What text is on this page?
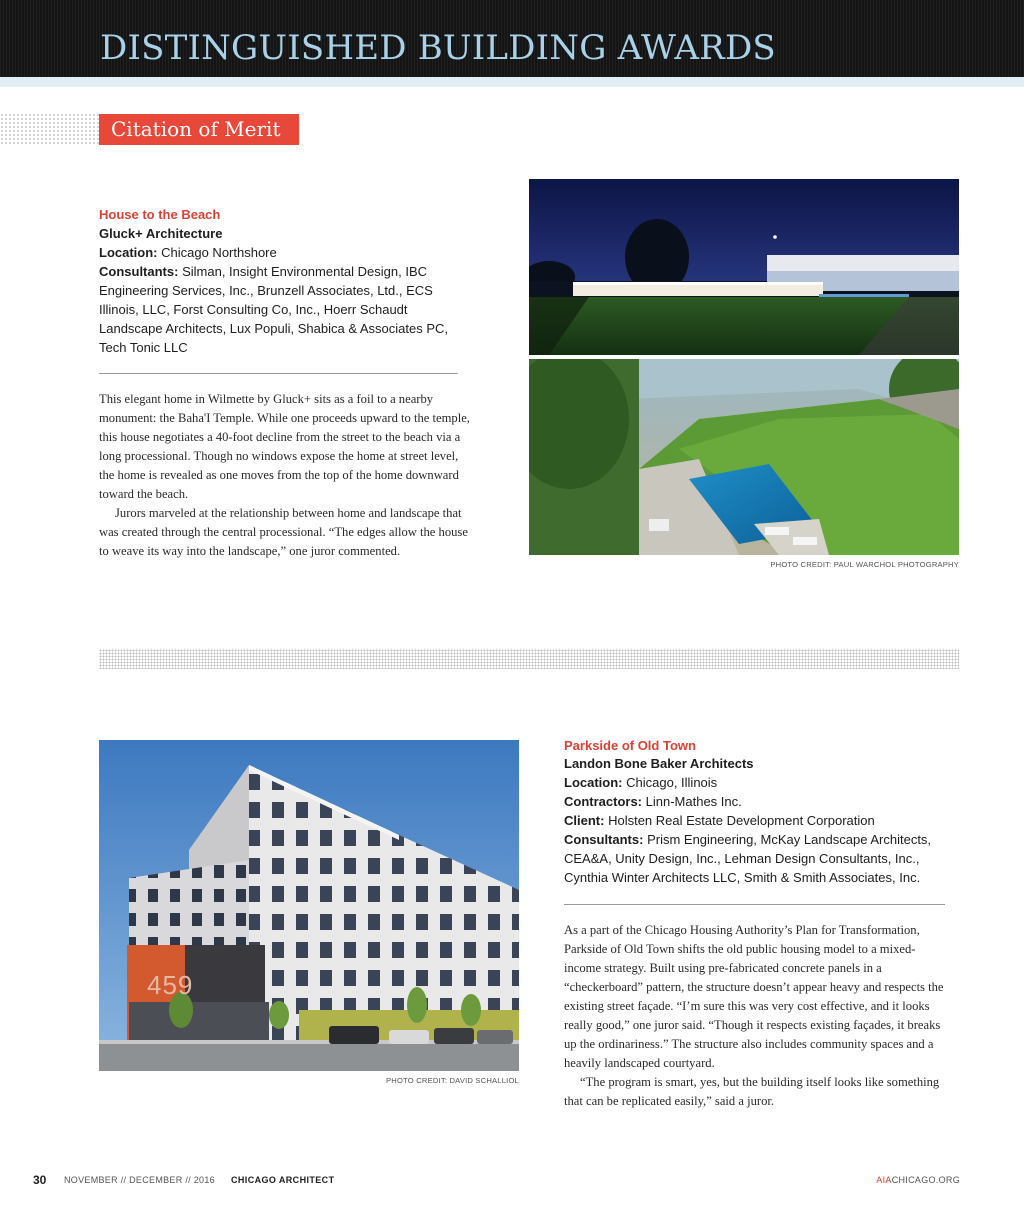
DISTINGUISHED BUILDING AWARDS
Citation of Merit
House to the Beach
Gluck+ Architecture
Location: Chicago Northshore
Consultants: Silman, Insight Environmental Design, IBC Engineering Services, Inc., Brunzell Associates, Ltd., ECS Illinois, LLC, Forst Consulting Co, Inc., Hoerr Schaudt Landscape Architects, Lux Populi, Shabica & Associates PC, Tech Tonic LLC

This elegant home in Wilmette by Gluck+ sits as a foil to a nearby monument: the Baha'I Temple. While one proceeds upward to the temple, this house negotiates a 40-foot decline from the street to the beach via a long processional. Though no windows expose the home at street level, the home is revealed as one moves from the top of the home downward toward the beach.

Jurors marveled at the relationship between home and landscape that was created through the central processional. “The edges allow the house to weave its way into the landscape,” one juror commented.

PHOTO CREDIT: PAUL WARCHOL PHOTOGRAPHY
459
PHOTO CREDIT: DAVID SCHALLIOL
Parkside of Old Town
Landon Bone Baker Architects
Location: Chicago, Illinois
Contractors: Linn-Mathes Inc.
Client: Holsten Real Estate Development Corporation
Consultants: Prism Engineering, McKay Landscape Architects, CEA&A, Unity Design, Inc., Lehman Design Consultants, Inc., Cynthia Winter Architects LLC, Smith & Smith Associates, Inc.

As a part of the Chicago Housing Authority’s Plan for Transformation, Parkside of Old Town shifts the old public housing model to a mixed-income strategy. Built using pre-fabricated concrete panels in a “checkerboard” pattern, the structure doesn’t appear heavy and respects the existing street façade. “I’m sure this was very cost effective, and it looks really good,” one juror said. “Though it respects existing façades, it breaks up the ordinariness.” The structure also includes community spaces and a heavily landscaped courtyard.

“The program is smart, yes, but the building itself looks like something that can be replicated easily,” said a juror.

30 NOVEMBER // DECEMBER // 2016 CHICAGO ARCHITECT	AIACHICAGO.ORG
